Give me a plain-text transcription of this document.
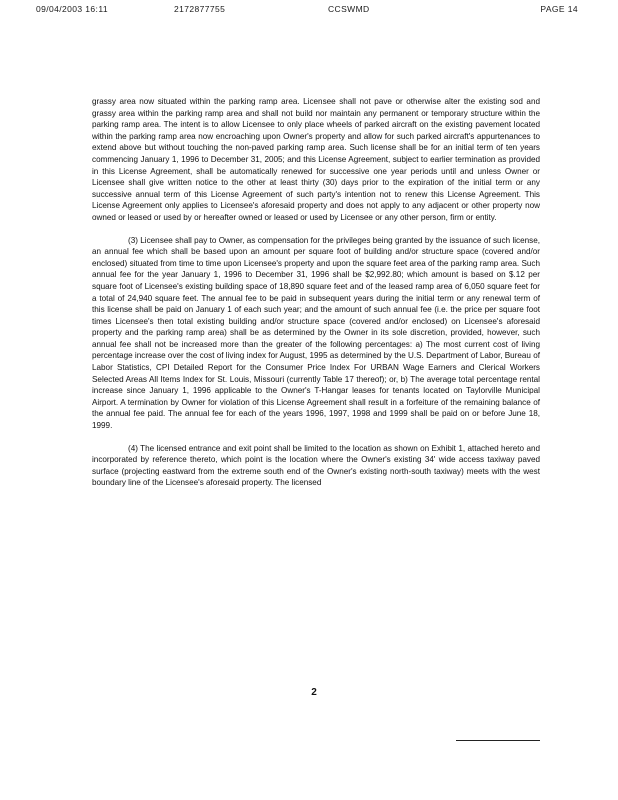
09/04/2003 16:11	2172877755	CCSWMD	PAGE 14

grassy area now situated within the parking ramp area. Licensee shall not pave or otherwise alter the existing sod and grassy area within the parking ramp area and shall not build nor maintain any permanent or temporary structure within the parking ramp area. The intent is to allow Licensee to only place wheels of parked aircraft on the existing pavement located within the parking ramp area now encroaching upon Owner's property and allow for such parked aircraft's appurtenances to extend above but without touching the non-paved parking ramp area. Such license shall be for an initial term of ten years commencing January 1, 1996 to December 31, 2005; and this License Agreement, subject to earlier termination as provided in this License Agreement, shall be automatically renewed for successive one year periods until and unless Owner or Licensee shall give written notice to the other at least thirty (30) days prior to the expiration of the initial term or any successive annual term of this License Agreement of such party's intention not to renew this License Agreement. This License Agreement only applies to Licensee's aforesaid property and does not apply to any adjacent or other property now owned or leased or used by or hereafter owned or leased or used by Licensee or any other person, firm or entity.

(3) Licensee shall pay to Owner, as compensation for the privileges being granted by the issuance of such license, an annual fee which shall be based upon an amount per square foot of building and/or structure space (covered and/or enclosed) situated from time to time upon Licensee's property and upon the square feet area of the parking ramp area. Such annual fee for the year January 1, 1996 to December 31, 1996 shall be $2,992.80; which amount is based on $.12 per square foot of Licensee's existing building space of 18,890 square feet and of the leased ramp area of 6,050 square feet for a total of 24,940 square feet. The annual fee to be paid in subsequent years during the initial term or any renewal term of this license shall be paid on January 1 of each such year; and the amount of such annual fee (i.e. the price per square foot times Licensee's then total existing building and/or structure space (covered and/or enclosed) on Licensee's aforesaid property and the parking ramp area) shall be as determined by the Owner in its sole discretion, provided, however, such annual fee shall not be increased more than the greater of the following percentages: a) The most current cost of living percentage increase over the cost of living index for August, 1995 as determined by the U.S. Department of Labor, Bureau of Labor Statistics, CPI Detailed Report for the Consumer Price Index For URBAN Wage Earners and Clerical Workers Selected Areas All Items Index for St. Louis, Missouri (currently Table 17 thereof); or, b) The average total percentage rental increase since January 1, 1996 applicable to the Owner's T-Hangar leases for tenants located on Taylorville Municipal Airport. A termination by Owner for violation of this License Agreement shall result in a forfeiture of the remaining balance of the annual fee paid. The annual fee for each of the years 1996, 1997, 1998 and 1999 shall be paid on or before June 18, 1999.

(4) The licensed entrance and exit point shall be limited to the location as shown on Exhibit 1, attached hereto and incorporated by reference thereto, which point is the location where the Owner's existing 34' wide access taxiway paved surface (projecting eastward from the extreme south end of the Owner's existing north-south taxiway) meets with the west boundary line of the Licensee's aforesaid property. The licensed

2
